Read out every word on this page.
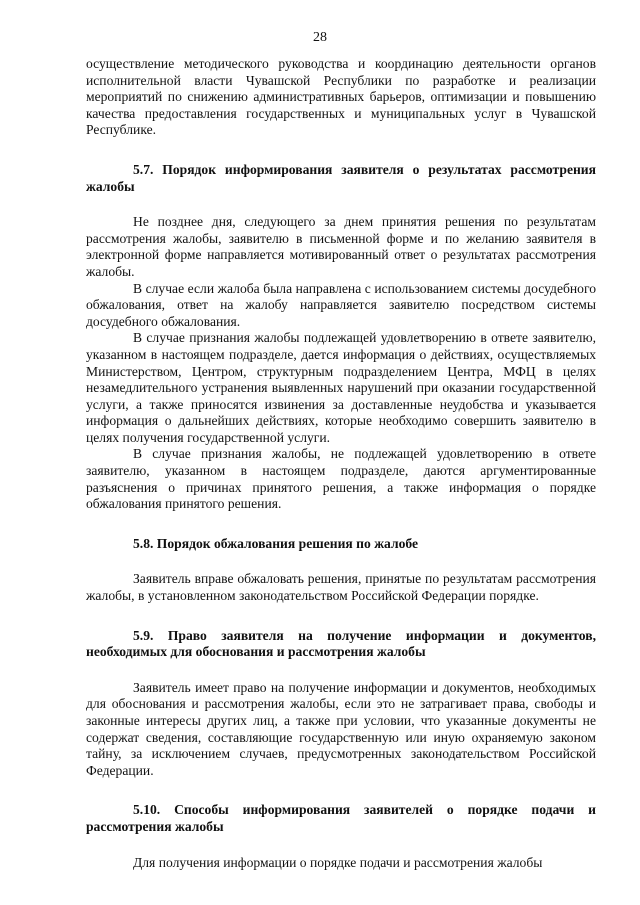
28

осуществление методического руководства и координацию деятельности органов исполнительной власти Чувашской Республики по разработке и реализации мероприятий по снижению административных барьеров, оптимизации и повышению качества предоставления государственных и муниципальных услуг в Чувашской Республике.

5.7. Порядок информирования заявителя о результатах рассмотрения жалобы

Не позднее дня, следующего за днем принятия решения по результатам рассмотрения жалобы, заявителю в письменной форме и по желанию заявителя в электронной форме направляется мотивированный ответ о результатах рассмотрения жалобы.

В случае если жалоба была направлена с использованием системы досудебного обжалования, ответ на жалобу направляется заявителю посредством системы досудебного обжалования.

В случае признания жалобы подлежащей удовлетворению в ответе заявителю, указанном в настоящем подразделе, дается информация о действиях, осуществляемых Министерством, Центром, структурным подразделением Центра, МФЦ в целях незамедлительного устранения выявленных нарушений при оказании государственной услуги, а также приносятся извинения за доставленные неудобства и указывается информация о дальнейших действиях, которые необходимо совершить заявителю в целях получения государственной услуги.

В случае признания жалобы, не подлежащей удовлетворению в ответе заявителю, указанном в настоящем подразделе, даются аргументированные разъяснения о причинах принятого решения, а также информация о порядке обжалования принятого решения.

5.8. Порядок обжалования решения по жалобе

Заявитель вправе обжаловать решения, принятые по результатам рассмотрения жалобы, в установленном законодательством Российской Федерации порядке.

5.9. Право заявителя на получение информации и документов, необходимых для обоснования и рассмотрения жалобы

Заявитель имеет право на получение информации и документов, необходимых для обоснования и рассмотрения жалобы, если это не затрагивает права, свободы и законные интересы других лиц, а также при условии, что указанные документы не содержат сведения, составляющие государственную или иную охраняемую законом тайну, за исключением случаев, предусмотренных законодательством Российской Федерации.

5.10. Способы информирования заявителей о порядке подачи и рассмотрения жалобы

Для получения информации о порядке подачи и рассмотрения жалобы
